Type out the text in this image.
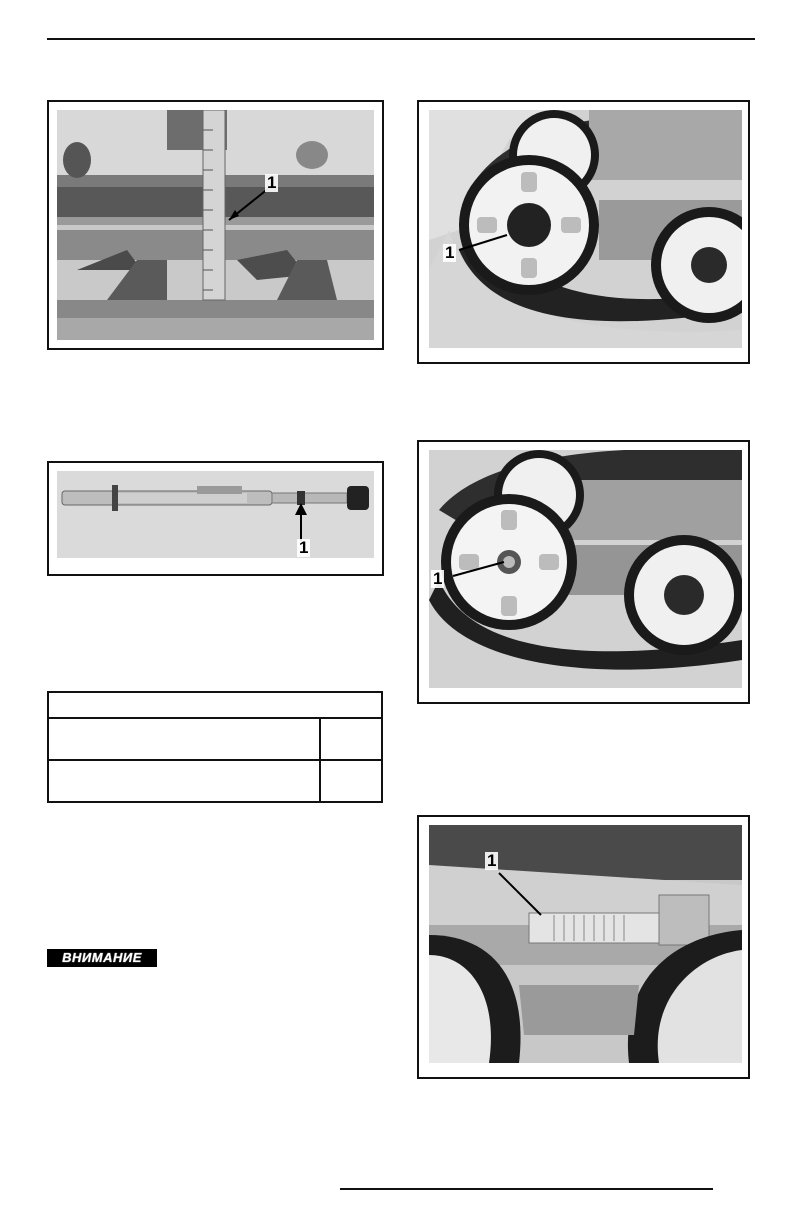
1
1
1
1
1

ВНИМАНИЕ
